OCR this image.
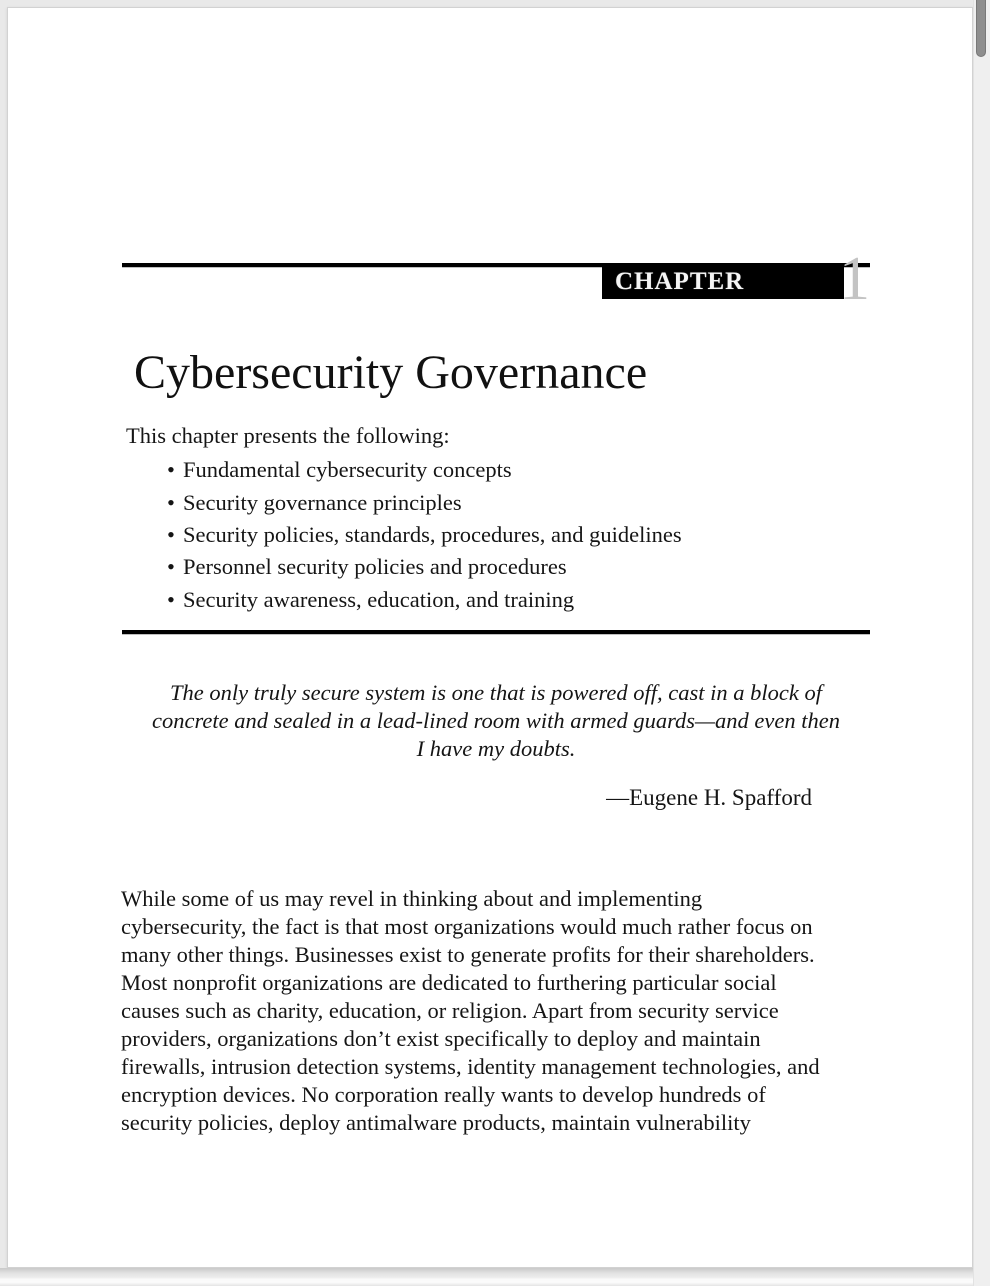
CHAPTER 1
Cybersecurity Governance
This chapter presents the following:
• Fundamental cybersecurity concepts
• Security governance principles
• Security policies, standards, procedures, and guidelines
• Personnel security policies and procedures
• Security awareness, education, and training
The only truly secure system is one that is powered off, cast in a block of
concrete and sealed in a lead-lined room with armed guards—and even then
I have my doubts.
—Eugene H. Spafford
While some of us may revel in thinking about and implementing
cybersecurity, the fact is that most organizations would much rather focus on
many other things. Businesses exist to generate profits for their shareholders.
Most nonprofit organizations are dedicated to furthering particular social
causes such as charity, education, or religion. Apart from security service
providers, organizations don’t exist specifically to deploy and maintain
firewalls, intrusion detection systems, identity management technologies, and
encryption devices. No corporation really wants to develop hundreds of
security policies, deploy antimalware products, maintain vulnerability
